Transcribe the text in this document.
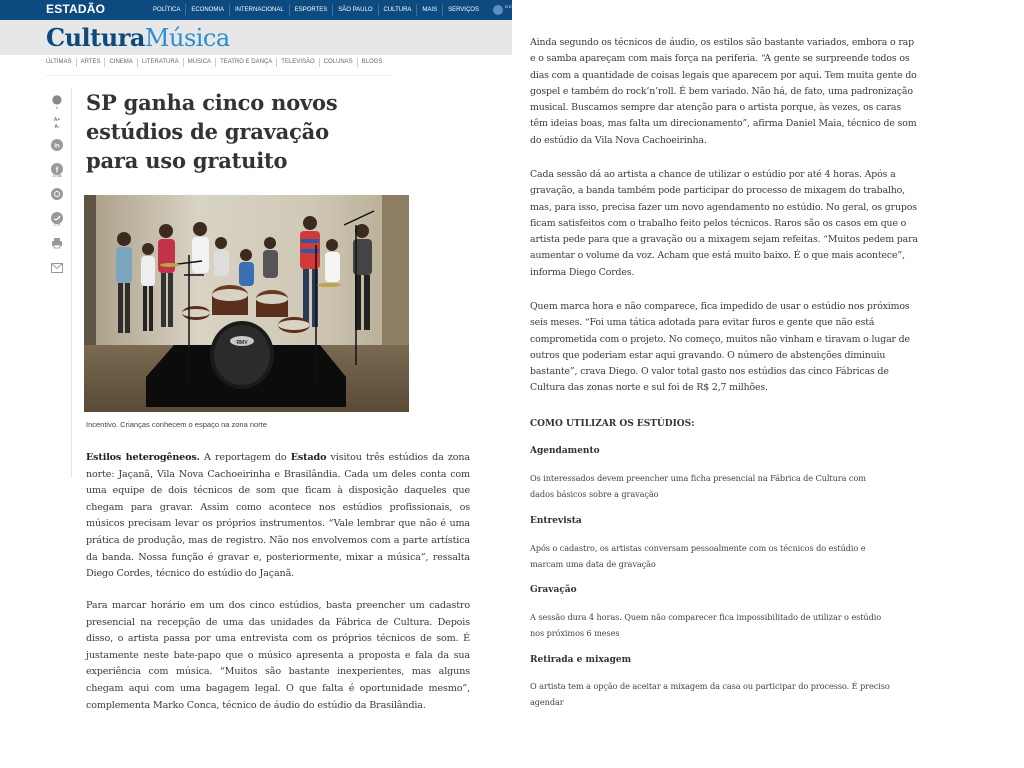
ESTADÃO	POLÍTICA	ECONOMIA	INTERNACIONAL	ESPORTES	SÃO PAULO	CULTURA	MAIS	SERVIÇOS
O E
CulturaMúsica
ÚLTIMAS	ARTES	CINEMA	LITERATURA	MÚSICA	TEATRO E DANÇA	TELEVISÃO	COLUNAS	BLOGS
●
0
A+
A-
in
f
19.8k
279
SP ganha cinco novos estúdios de gravação para uso gratuito
RMV
Incentivo. Crianças conhecem o espaço na zona norte

Estilos heterogêneos. A reportagem do Estado visitou três estúdios da zona norte: Jaçanã, Vila Nova Cachoeirinha e Brasilândia. Cada um deles conta com uma equipe de dois técnicos de som que ficam à disposição daqueles que chegam para gravar. Assim como acontece nos estúdios profissionais, os músicos precisam levar os próprios instrumentos. “Vale lembrar que não é uma prática de produção, mas de registro. Não nos envolvemos com a parte artística da banda. Nossa função é gravar e, posteriormente, mixar a música”, ressalta Diego Cordes, técnico do estúdio do Jaçanã.

Para marcar horário em um dos cinco estúdios, basta preencher um cadastro presencial na recepção de uma das unidades da Fábrica de Cultura. Depois disso, o artista passa por uma entrevista com os próprios técnicos de som. É justamente neste bate-papo que o músico apresenta a proposta e fala da sua experiência com música. “Muitos são bastante inexperientes, mas alguns chegam aqui com uma bagagem legal. O que falta é oportunidade mesmo”, complementa Marko Conca, técnico de áudio do estúdio da Brasilândia.

Ainda segundo os técnicos de áudio, os estilos são bastante variados, embora o rap e o samba apareçam com mais força na periferia. “A gente se surpreende todos os dias com a quantidade de coisas legais que aparecem por aqui. Tem muita gente do gospel e também do rock’n’roll. É bem variado. Não há, de fato, uma padronização musical. Buscamos sempre dar atenção para o artista porque, às vezes, os caras têm ideias boas, mas falta um direcionamento”, afirma Daniel Maia, técnico de som do estúdio da Vila Nova Cachoeirinha.

Cada sessão dá ao artista a chance de utilizar o estúdio por até 4 horas. Após a gravação, a banda também pode participar do processo de mixagem do trabalho, mas, para isso, precisa fazer um novo agendamento no estúdio. No geral, os grupos ficam satisfeitos com o trabalho feito pelos técnicos. Raros são os casos em que o artista pede para que a gravação ou a mixagem sejam refeitas. “Muitos pedem para aumentar o volume da voz. Acham que está muito baixo. É o que mais acontece”, informa Diego Cordes.

Quem marca hora e não comparece, fica impedido de usar o estúdio nos próximos seis meses. “Foi uma tática adotada para evitar furos e gente que não está comprometida com o projeto. No começo, muitos não vinham e tiravam o lugar de outros que poderiam estar aqui gravando. O número de abstenções diminuiu bastante”, crava Diego. O valor total gasto nos estúdios das cinco Fábricas de Cultura das zonas norte e sul foi de R$ 2,7 milhões.

COMO UTILIZAR OS ESTÚDIOS:
Agendamento
Os interessados devem preencher uma ficha presencial na Fábrica de Cultura com dados básicos sobre a gravação
Entrevista
Após o cadastro, os artistas conversam pessoalmente com os técnicos do estúdio e marcam uma data de gravação
Gravação
A sessão dura 4 horas. Quem não comparecer fica impossibilitado de utilizar o estúdio nos próximos 6 meses
Retirada e mixagem
O artista tem a opção de aceitar a mixagem da casa ou participar do processo. É preciso agendar
